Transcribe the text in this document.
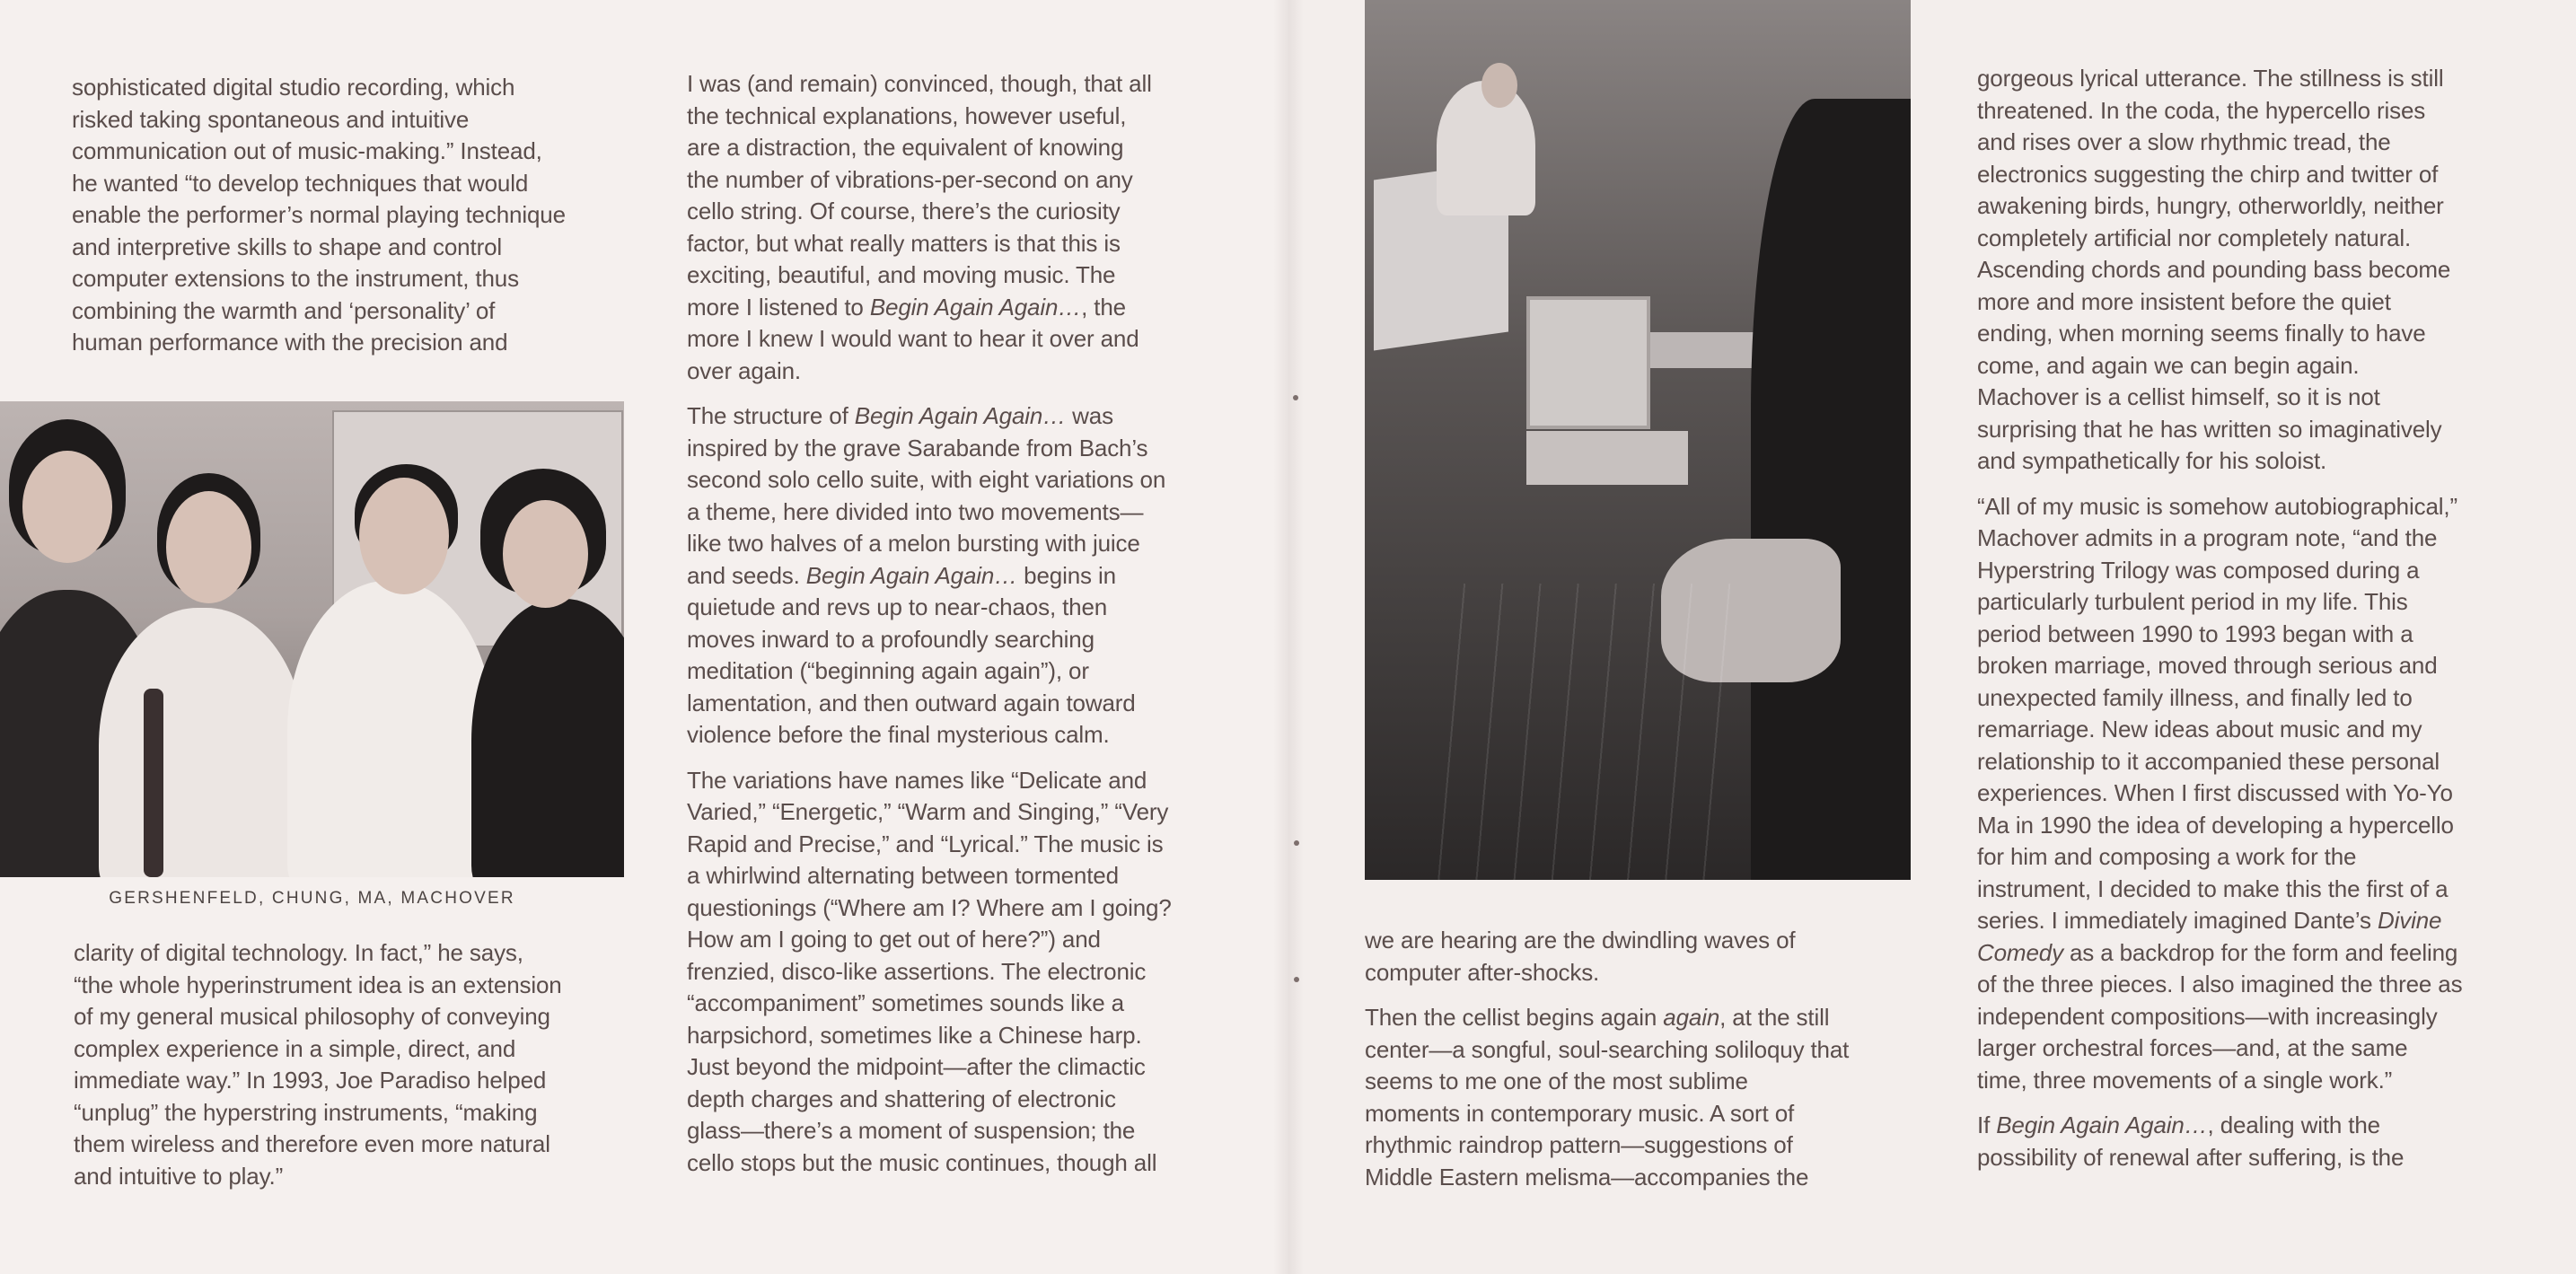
sophisticated digital studio recording, which
risked taking spontaneous and intuitive
communication out of music-making.” Instead,
he wanted “to develop techniques that would
enable the performer’s normal playing technique
and interpretive skills to shape and control
computer extensions to the instrument, thus
combining the warmth and ‘personality’ of
human performance with the precision and

GERSHENFELD, CHUNG, MA, MACHOVER

clarity of digital technology. In fact,” he says,
“the whole hyperinstrument idea is an extension
of my general musical philosophy of conveying
complex experience in a simple, direct, and
immediate way.” In 1993, Joe Paradiso helped
“unplug” the hyperstring instruments, “making
them wireless and therefore even more natural
and intuitive to play.”

I was (and remain) convinced, though, that all
the technical explanations, however useful,
are a distraction, the equivalent of knowing
the number of vibrations-per-second on any
cello string. Of course, there’s the curiosity
factor, but what really matters is that this is
exciting, beautiful, and moving music. The
more I listened to Begin Again Again…, the
more I knew I would want to hear it over and
over again.

The structure of Begin Again Again… was
inspired by the grave Sarabande from Bach’s
second solo cello suite, with eight variations on
a theme, here divided into two movements—
like two halves of a melon bursting with juice
and seeds. Begin Again Again… begins in
quietude and revs up to near-chaos, then
moves inward to a profoundly searching
meditation (“beginning again again”), or
lamentation, and then outward again toward
violence before the final mysterious calm.

The variations have names like “Delicate and
Varied,” “Energetic,” “Warm and Singing,” “Very
Rapid and Precise,” and “Lyrical.” The music is
a whirlwind alternating between tormented
questionings (“Where am I? Where am I going?
How am I going to get out of here?”) and
frenzied, disco-like assertions. The electronic
“accompaniment” sometimes sounds like a
harpsichord, sometimes like a Chinese harp.
Just beyond the midpoint—after the climactic
depth charges and shattering of electronic
glass—there’s a moment of suspension; the
cello stops but the music continues, though all

we are hearing are the dwindling waves of
computer after-shocks.

Then the cellist begins again again, at the still
center—a songful, soul-searching soliloquy that
seems to me one of the most sublime
moments in contemporary music. A sort of
rhythmic raindrop pattern—suggestions of
Middle Eastern melisma—accompanies the

gorgeous lyrical utterance. The stillness is still
threatened. In the coda, the hypercello rises
and rises over a slow rhythmic tread, the
electronics suggesting the chirp and twitter of
awakening birds, hungry, otherworldly, neither
completely artificial nor completely natural.
Ascending chords and pounding bass become
more and more insistent before the quiet
ending, when morning seems finally to have
come, and again we can begin again.
Machover is a cellist himself, so it is not
surprising that he has written so imaginatively
and sympathetically for his soloist.

“All of my music is somehow autobiographical,”
Machover admits in a program note, “and the
Hyperstring Trilogy was composed during a
particularly turbulent period in my life. This
period between 1990 to 1993 began with a
broken marriage, moved through serious and
unexpected family illness, and finally led to
remarriage. New ideas about music and my
relationship to it accompanied these personal
experiences. When I first discussed with Yo-Yo
Ma in 1990 the idea of developing a hypercello
for him and composing a work for the
instrument, I decided to make this the first of a
series. I immediately imagined Dante’s Divine
Comedy as a backdrop for the form and feeling
of the three pieces. I also imagined the three as
independent compositions—with increasingly
larger orchestral forces—and, at the same
time, three movements of a single work.”

If Begin Again Again…, dealing with the
possibility of renewal after suffering, is the
